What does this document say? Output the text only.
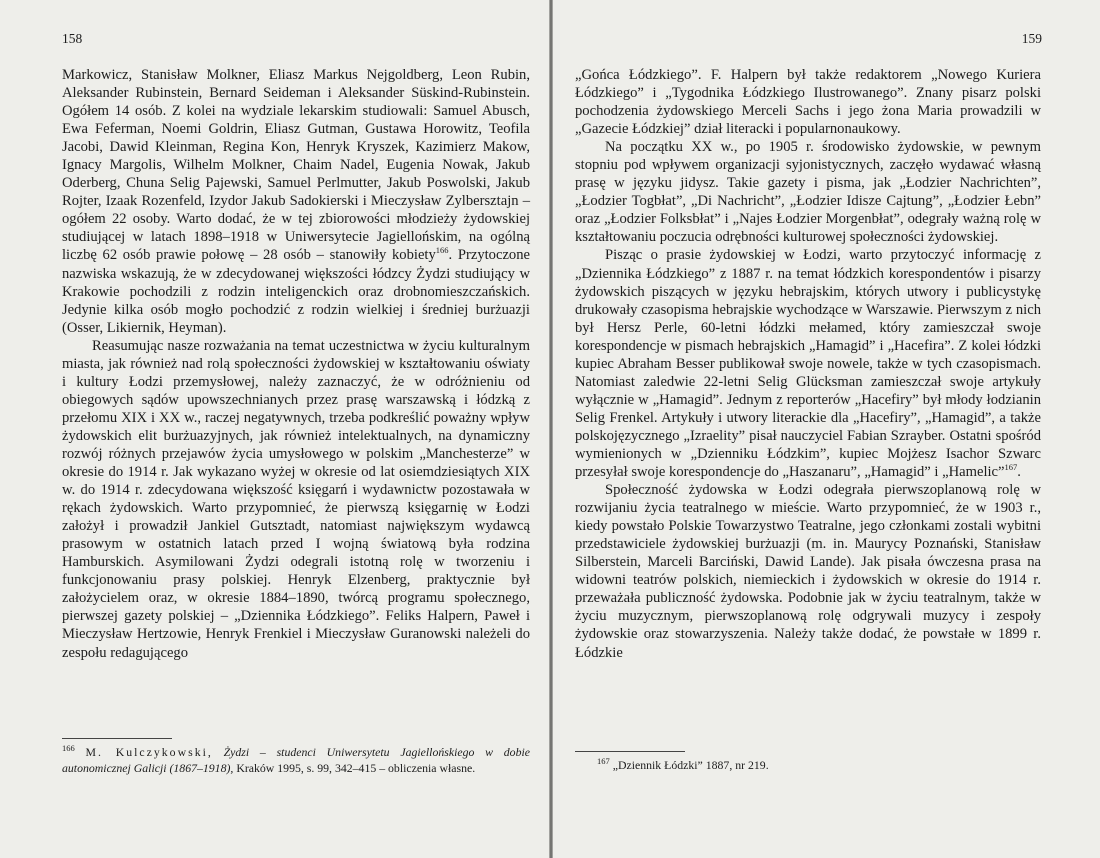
158

Markowicz, Stanisław Molkner, Eliasz Markus Nejgoldberg, Leon Rubin, Aleksander Rubinstein, Bernard Seideman i Aleksander Süskind-Rubinstein. Ogółem 14 osób. Z kolei na wydziale lekarskim studiowali: Samuel Abusch, Ewa Feferman, Noemi Goldrin, Eliasz Gutman, Gustawa Horowitz, Teofila Jacobi, Dawid Kleinman, Regina Kon, Henryk Kryszek, Kazimierz Makow, Ignacy Margolis, Wilhelm Molkner, Chaim Nadel, Eugenia Nowak, Jakub Oderberg, Chuna Selig Pajewski, Samuel Perlmutter, Jakub Poswolski, Jakub Rojter, Izaak Rozenfeld, Izydor Jakub Sadokierski i Mieczysław Zylbersztajn – ogółem 22 osoby. Warto dodać, że w tej zbiorowości młodzieży żydowskiej studiującej w latach 1898–1918 w Uniwersytecie Jagiellońskim, na ogólną liczbę 62 osób prawie połowę – 28 osób – stanowiły kobiety$^{166}$. Przytoczone nazwiska wskazują, że w zdecydowanej większości łódzcy Żydzi studiujący w Krakowie pochodzili z rodzin inteligenckich oraz drobnomieszczańskich. Jedynie kilka osób mogło pochodzić z rodzin wielkiej i średniej burżuazji (Osser, Likiernik, Heyman).

Reasumując nasze rozważania na temat uczestnictwa w życiu kulturalnym miasta, jak również nad rolą społeczności żydowskiej w kształtowaniu oświaty i kultury Łodzi przemysłowej, należy zaznaczyć, że w odróżnieniu od obiegowych sądów upowszechnianych przez prasę warszawską i łódzką z przełomu XIX i XX w., raczej negatywnych, trzeba podkreślić poważny wpływ żydowskich elit burżuazyjnych, jak również intelektualnych, na dynamiczny rozwój różnych przejawów życia umysłowego w polskim „Manchesterze” w okresie do 1914 r. Jak wykazano wyżej w okresie od lat osiemdziesiątych XIX w. do 1914 r. zdecydowana większość księgarń i wydawnictw pozostawała w rękach żydowskich. Warto przypomnieć, że pierwszą księgarnię w Łodzi założył i prowadził Jankiel Gutsztadt, natomiast największym wydawcą prasowym w ostatnich latach przed I wojną światową była rodzina Hamburskich. Asymilowani Żydzi odegrali istotną rolę w tworzeniu i funkcjonowaniu prasy polskiej. Henryk Elzenberg, praktycznie był założycielem oraz, w okresie 1884–1890, twórcą programu społecznego, pierwszej gazety polskiej – „Dziennika Łódzkiego”. Feliks Halpern, Paweł i Mieczysław Hertzowie, Henryk Frenkiel i Mieczysław Guranowski należeli do zespołu redagującego

$^{166}$ M. Kulczykowski, Żydzi – studenci Uniwersytetu Jagiellońskiego w dobie autonomicznej Galicji (1867–1918), Kraków 1995, s. 99, 342–415 – obliczenia własne.
159

„Gońca Łódzkiego”. F. Halpern był także redaktorem „Nowego Kuriera Łódzkiego” i „Tygodnika Łódzkiego Ilustrowanego”. Znany pisarz polski pochodzenia żydowskiego Merceli Sachs i jego żona Maria prowadzili w „Gazecie Łódzkiej” dział literacki i popularnonaukowy.

Na początku XX w., po 1905 r. środowisko żydowskie, w pewnym stopniu pod wpływem organizacji syjonistycznych, zaczęło wydawać własną prasę w języku jidysz. Takie gazety i pisma, jak „Łodzier Nachrichten”, „Łodzier Togbłat”, „Di Nachricht”, „Łodzier Idisze Cajtung”, „Łodzier Łebn” oraz „Łodzier Folksbłat” i „Najes Łodzier Morgenbłat”, odegrały ważną rolę w kształtowaniu poczucia odrębności kulturowej społeczności żydowskiej.

Pisząc o prasie żydowskiej w Łodzi, warto przytoczyć informację z „Dziennika Łódzkiego” z 1887 r. na temat łódzkich korespondentów i pisarzy żydowskich piszących w języku hebrajskim, których utwory i publicystykę drukowały czasopisma hebrajskie wychodzące w Warszawie. Pierwszym z nich był Hersz Perle, 60-letni łódzki mełamed, który zamieszczał swoje korespondencje w pismach hebrajskich „Hamagid” i „Hacefira”. Z kolei łódzki kupiec Abraham Besser publikował swoje nowele, także w tych czasopismach. Natomiast zaledwie 22-letni Selig Glücksman zamieszczał swoje artykuły wyłącznie w „Hamagid”. Jednym z reporterów „Hacefiry” był młody łodzianin Selig Frenkel. Artykuły i utwory literackie dla „Hacefiry”, „Hamagid”, a także polskojęzycznego „Izraelity” pisał nauczyciel Fabian Szrayber. Ostatni spośród wymienionych w „Dzienniku Łódzkim”, kupiec Mojżesz Isachor Szwarc przesyłał swoje korespondencje do „Haszanaru”, „Hamagid” i „Hamelic”$^{167}$.

Społeczność żydowska w Łodzi odegrała pierwszoplanową rolę w rozwijaniu życia teatralnego w mieście. Warto przypomnieć, że w 1903 r., kiedy powstało Polskie Towarzystwo Teatralne, jego członkami zostali wybitni przedstawiciele żydowskiej burżuazji (m. in. Maurycy Poznański, Stanisław Silberstein, Marceli Barciński, Dawid Lande). Jak pisała ówczesna prasa na widowni teatrów polskich, niemieckich i żydowskich w okresie do 1914 r. przeważała publiczność żydowska. Podobnie jak w życiu teatralnym, także w życiu muzycznym, pierwszoplanową rolę odgrywali muzycy i zespoły żydowskie oraz stowarzyszenia. Należy także dodać, że powstałe w 1899 r. Łódzkie

$^{167}$ „Dziennik Łódzki” 1887, nr 219.
